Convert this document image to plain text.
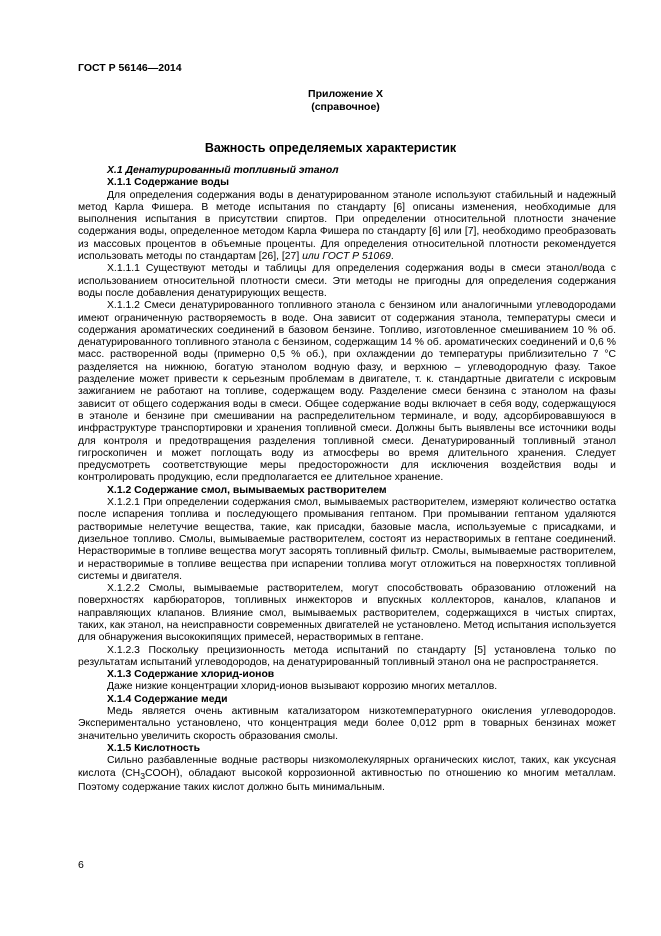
ГОСТ Р 56146—2014
Приложение X
(справочное)
Важность определяемых характеристик
X.1 Денатурированный топливный этанол
X.1.1 Содержание воды

Для определения содержания воды в денатурированном этаноле используют стабильный и надежный метод Карла Фишера. В методе испытания по стандарту [6] описаны изменения, необходимые для выполнения испытания в присутствии спиртов. При определении относительной плотности значение содержания воды, определенное методом Карла Фишера по стандарту [6] или [7], необходимо преобразовать из массовых процентов в объемные проценты. Для определения относительной плотности рекомендуется использовать методы по стандартам [26], [27] или ГОСТ Р 51069.

X.1.1.1 Существуют методы и таблицы для определения содержания воды в смеси этанол/вода с использованием относительной плотности смеси. Эти методы не пригодны для определения содержания воды после добавления денатурирующих веществ.

X.1.1.2 Смеси денатурированного топливного этанола с бензином или аналогичными углеводородами имеют ограниченную растворяемость в воде. Она зависит от содержания этанола, температуры смеси и содержания ароматических соединений в базовом бензине. Топливо, изготовленное смешиванием 10 % об. денатурированного топливного этанола с бензином, содержащим 14 % об. ароматических соединений и 0,6 % масс. растворенной воды (примерно 0,5 % об.), при охлаждении до температуры приблизительно 7 °С разделяется на нижнюю, богатую этанолом водную фазу, и верхнюю – углеводородную фазу. Такое разделение может привести к серьезным проблемам в двигателе, т. к. стандартные двигатели с искровым зажиганием не работают на топливе, содержащем воду. Разделение смеси бензина с этанолом на фазы зависит от общего содержания воды в смеси. Общее содержание воды включает в себя воду, содержащуюся в этаноле и бензине при смешивании на распределительном терминале, и воду, адсорбировавшуюся в инфраструктуре транспортировки и хранения топливной смеси. Должны быть выявлены все источники воды для контроля и предотвращения разделения топливной смеси. Денатурированный топливный этанол гигроскопичен и может поглощать воду из атмосферы во время длительного хранения. Следует предусмотреть соответствующие меры предосторожности для исключения воздействия воды и контролировать продукцию, если предполагается ее длительное хранение.

X.1.2 Содержание смол, вымываемых растворителем

X.1.2.1 При определении содержания смол, вымываемых растворителем, измеряют количество остатка после испарения топлива и последующего промывания гептаном. При промывании гептаном удаляются растворимые нелетучие вещества, такие, как присадки, базовые масла, используемые с присадками, и дизельное топливо. Смолы, вымываемые растворителем, состоят из нерастворимых в гептане соединений. Нерастворимые в топливе вещества могут засорять топливный фильтр. Смолы, вымываемые растворителем, и нерастворимые в топливе вещества при испарении топлива могут отложиться на поверхностях топливной системы и двигателя.

X.1.2.2 Смолы, вымываемые растворителем, могут способствовать образованию отложений на поверхностях карбюраторов, топливных инжекторов и впускных коллекторов, каналов, клапанов и направляющих клапанов. Влияние смол, вымываемых растворителем, содержащихся в чистых спиртах, таких, как этанол, на неисправности современных двигателей не установлено. Метод испытания используется для обнаружения высококипящих примесей, нерастворимых в гептане.

X.1.2.3 Поскольку прецизионность метода испытаний по стандарту [5] установлена только по результатам испытаний углеводородов, на денатурированный топливный этанол она не распространяется.

X.1.3 Содержание хлорид-ионов

Даже низкие концентрации хлорид-ионов вызывают коррозию многих металлов.

X.1.4 Содержание меди

Медь является очень активным катализатором низкотемпературного окисления углеводородов. Экспериментально установлено, что концентрация меди более 0,012 ppm в товарных бензинах может значительно увеличить скорость образования смолы.

X.1.5 Кислотность

Сильно разбавленные водные растворы низкомолекулярных органических кислот, таких, как уксусная кислота $(CH_3COOH)$, обладают высокой коррозионной активностью по отношению ко многим металлам. Поэтому содержание таких кислот должно быть минимальным.

6
